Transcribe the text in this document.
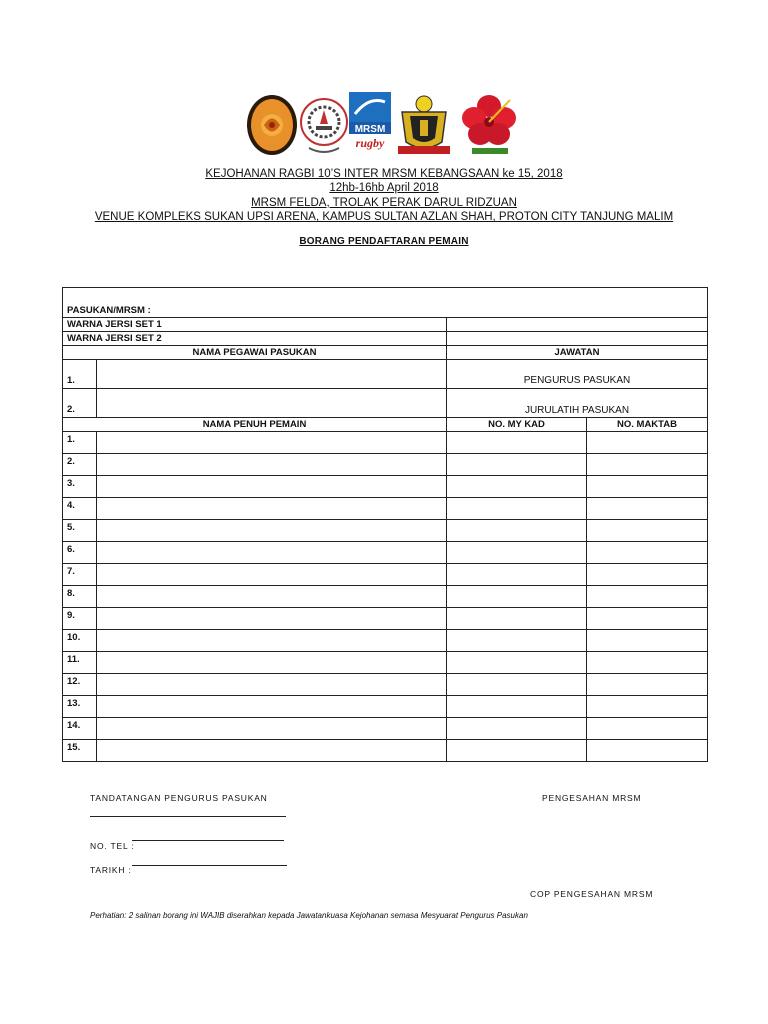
MRSM
rugby
KEJOHANAN RAGBI 10’S INTER MRSM KEBANGSAAN ke 15, 2018
12hb-16hb April 2018
MRSM FELDA, TROLAK PERAK DARUL RIDZUAN
VENUE KOMPLEKS SUKAN UPSI ARENA, KAMPUS SULTAN AZLAN SHAH, PROTON CITY TANJUNG MALIM
BORANG PENDAFTARAN PEMAIN
PASUKAN/MRSM :			
WARNA JERSI SET 1			
WARNA JERSI SET 2			
NAMA PEGAWAI PASUKAN		JAWATAN	
1.		PENGURUS PASUKAN	
2.		JURULATIH PASUKAN	
NAMA PENUH PEMAIN		NO. MY KAD	NO. MAKTAB
1.			
2.			
3.			
4.			
5.			
6.			
7.			
8.			
9.			
10.			
11.			
12.			
13.			
14.			
15.			
TANDATANGAN PENGURUS PASUKAN	PENGESAHAN MRSM
NO. TEL :
TARIKH :
COP PENGESAHAN MRSM
Perhatian: 2 salinan borang ini WAJIB diserahkan kepada Jawatankuasa Kejohanan semasa Mesyuarat Pengurus Pasukan
